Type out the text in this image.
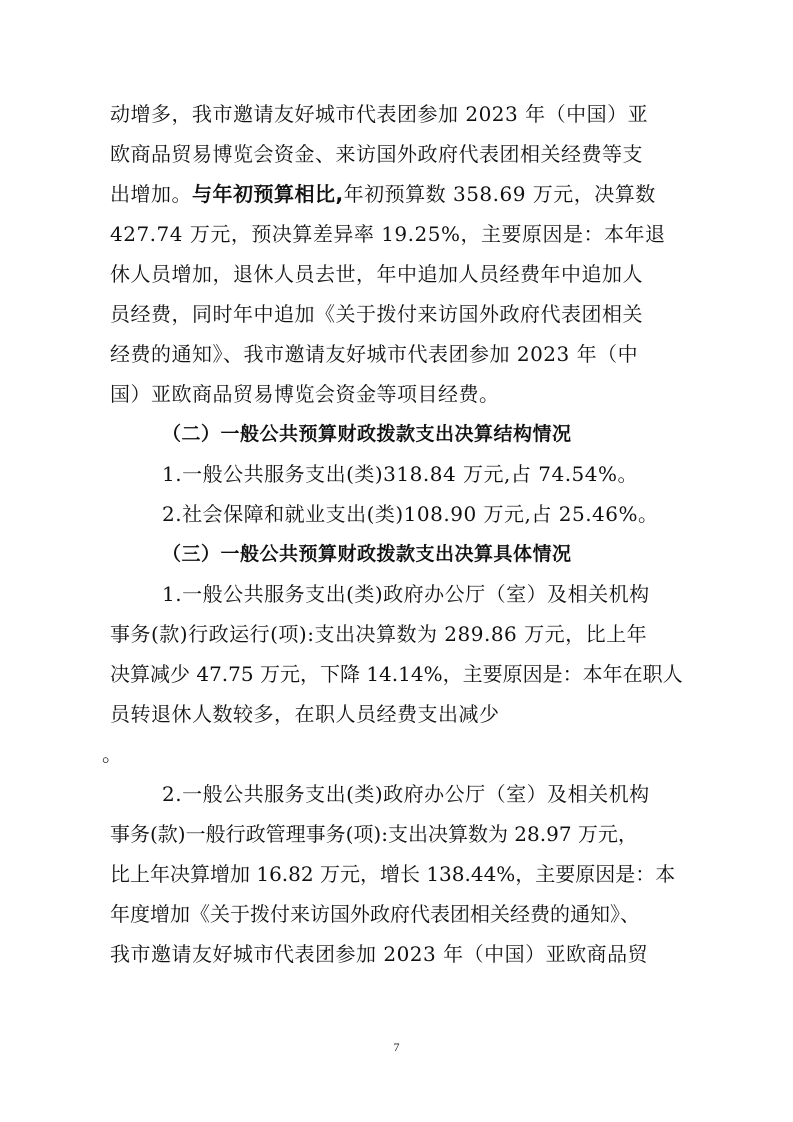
动增多，我市邀请友好城市代表团参加 2023 年（中国）亚
欧商品贸易博览会资金、来访国外政府代表团相关经费等支
出增加。与年初预算相比,年初预算数 358.69 万元，决算数
427.74 万元，预决算差异率 19.25%，主要原因是：本年退
休人员增加，退休人员去世，年中追加人员经费年中追加人
员经费，同时年中追加《关于拨付来访国外政府代表团相关
经费的通知》、我市邀请友好城市代表团参加 2023 年（中
国）亚欧商品贸易博览会资金等项目经费。
（二）一般公共预算财政拨款支出决算结构情况
1.一般公共服务支出(类)318.84 万元,占 74.54%。
2.社会保障和就业支出(类)108.90 万元,占 25.46%。
（三）一般公共预算财政拨款支出决算具体情况
1.一般公共服务支出(类)政府办公厅（室）及相关机构
事务(款)行政运行(项):支出决算数为 289.86 万元，比上年
决算减少 47.75 万元，下降 14.14%，主要原因是：本年在职人
员转退休人数较多，在职人员经费支出减少
。
2.一般公共服务支出(类)政府办公厅（室）及相关机构
事务(款)一般行政管理事务(项):支出决算数为 28.97 万元，
比上年决算增加 16.82 万元，增长 138.44%，主要原因是：本
年度增加《关于拨付来访国外政府代表团相关经费的通知》、
我市邀请友好城市代表团参加 2023 年（中国）亚欧商品贸
7
